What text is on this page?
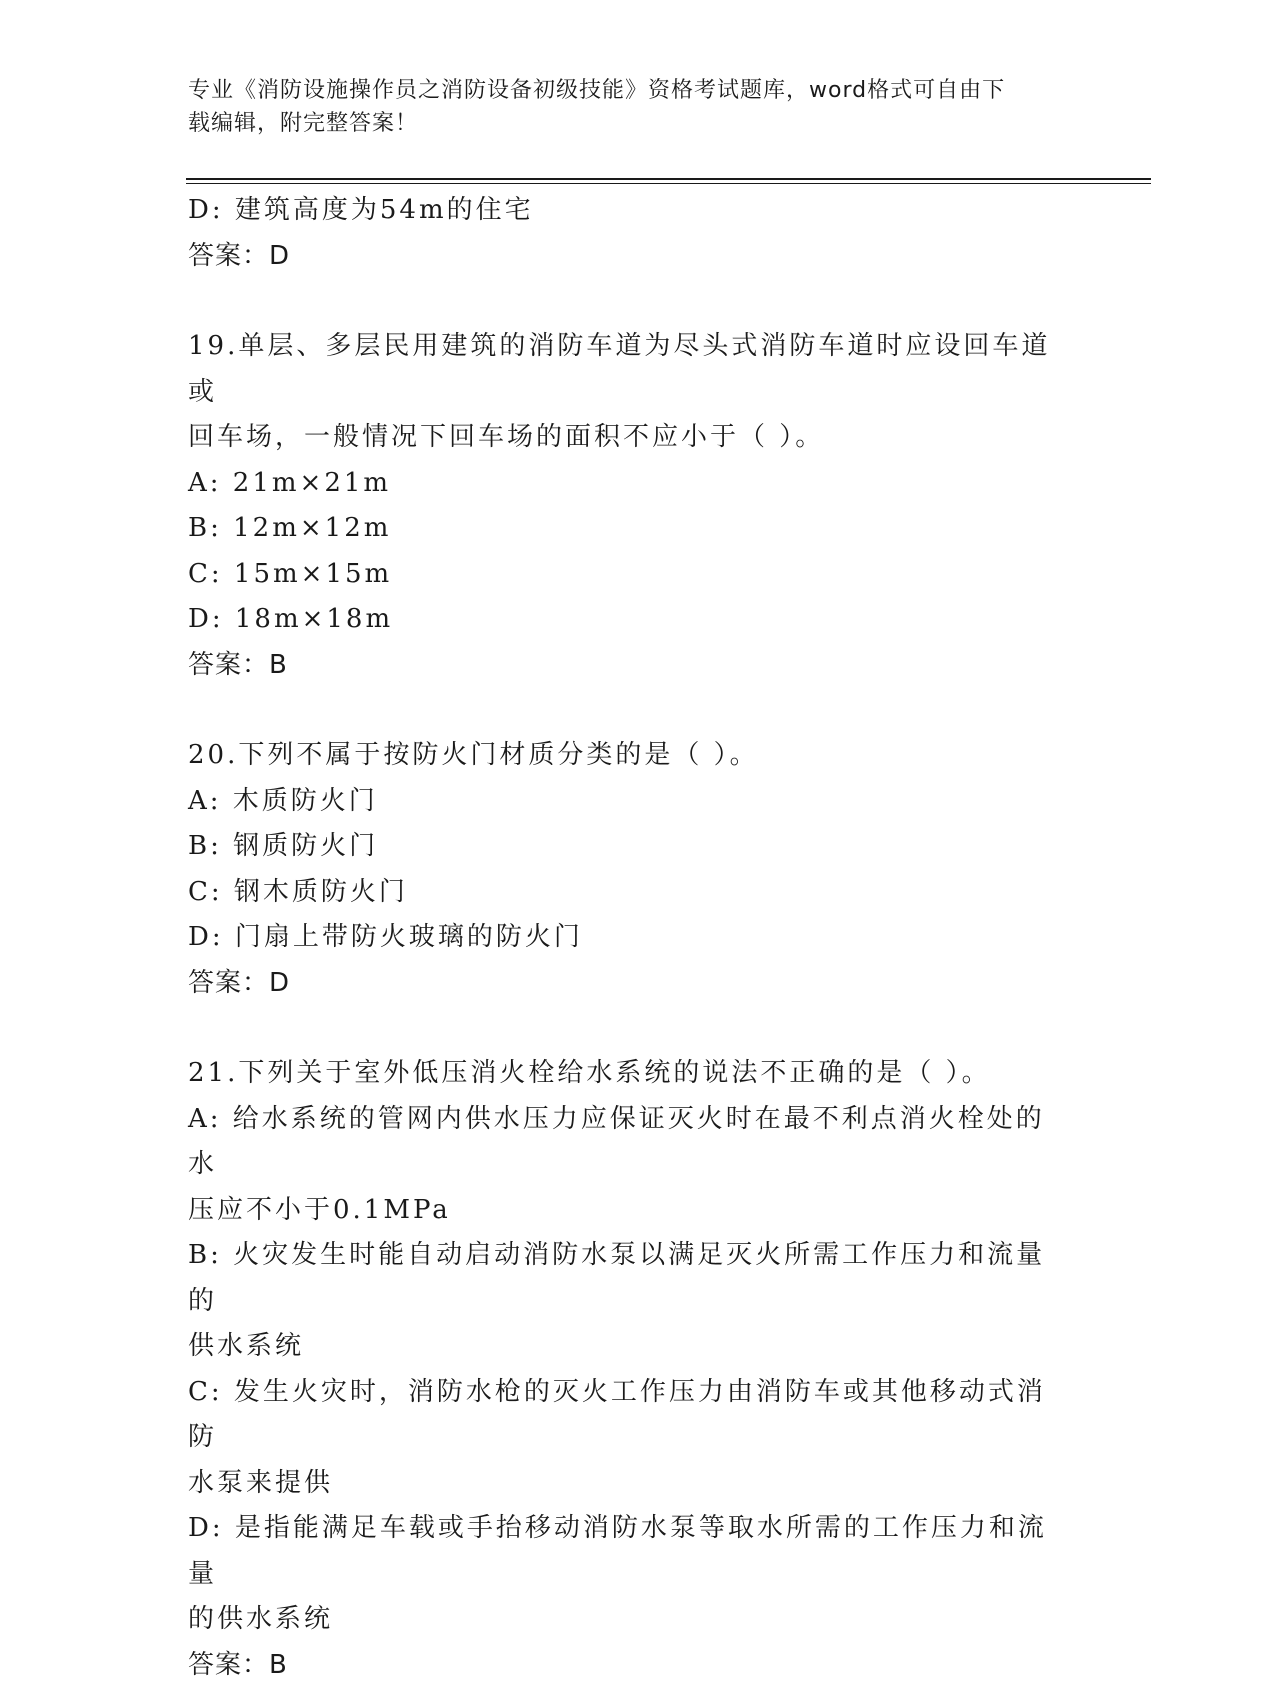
专业《消防设施操作员之消防设备初级技能》资格考试题库，word格式可自由下
载编辑，附完整答案！

D: 建筑高度为54m的住宅

答案：D

19.单层、多层民用建筑的消防车道为尽头式消防车道时应设回车道或

回车场，一般情况下回车场的面积不应小于（ ）。

A: 21m×21m

B: 12m×12m

C: 15m×15m

D: 18m×18m

答案：B

20.下列不属于按防火门材质分类的是（ ）。

A: 木质防火门

B: 钢质防火门

C: 钢木质防火门

D: 门扇上带防火玻璃的防火门

答案：D

21.下列关于室外低压消火栓给水系统的说法不正确的是（ ）。

A: 给水系统的管网内供水压力应保证灭火时在最不利点消火栓处的水

压应不小于0.1MPa

B: 火灾发生时能自动启动消防水泵以满足灭火所需工作压力和流量的

供水系统

C: 发生火灾时，消防水枪的灭火工作压力由消防车或其他移动式消防

水泵来提供

D: 是指能满足车载或手抬移动消防水泵等取水所需的工作压力和流量

的供水系统

答案：B
